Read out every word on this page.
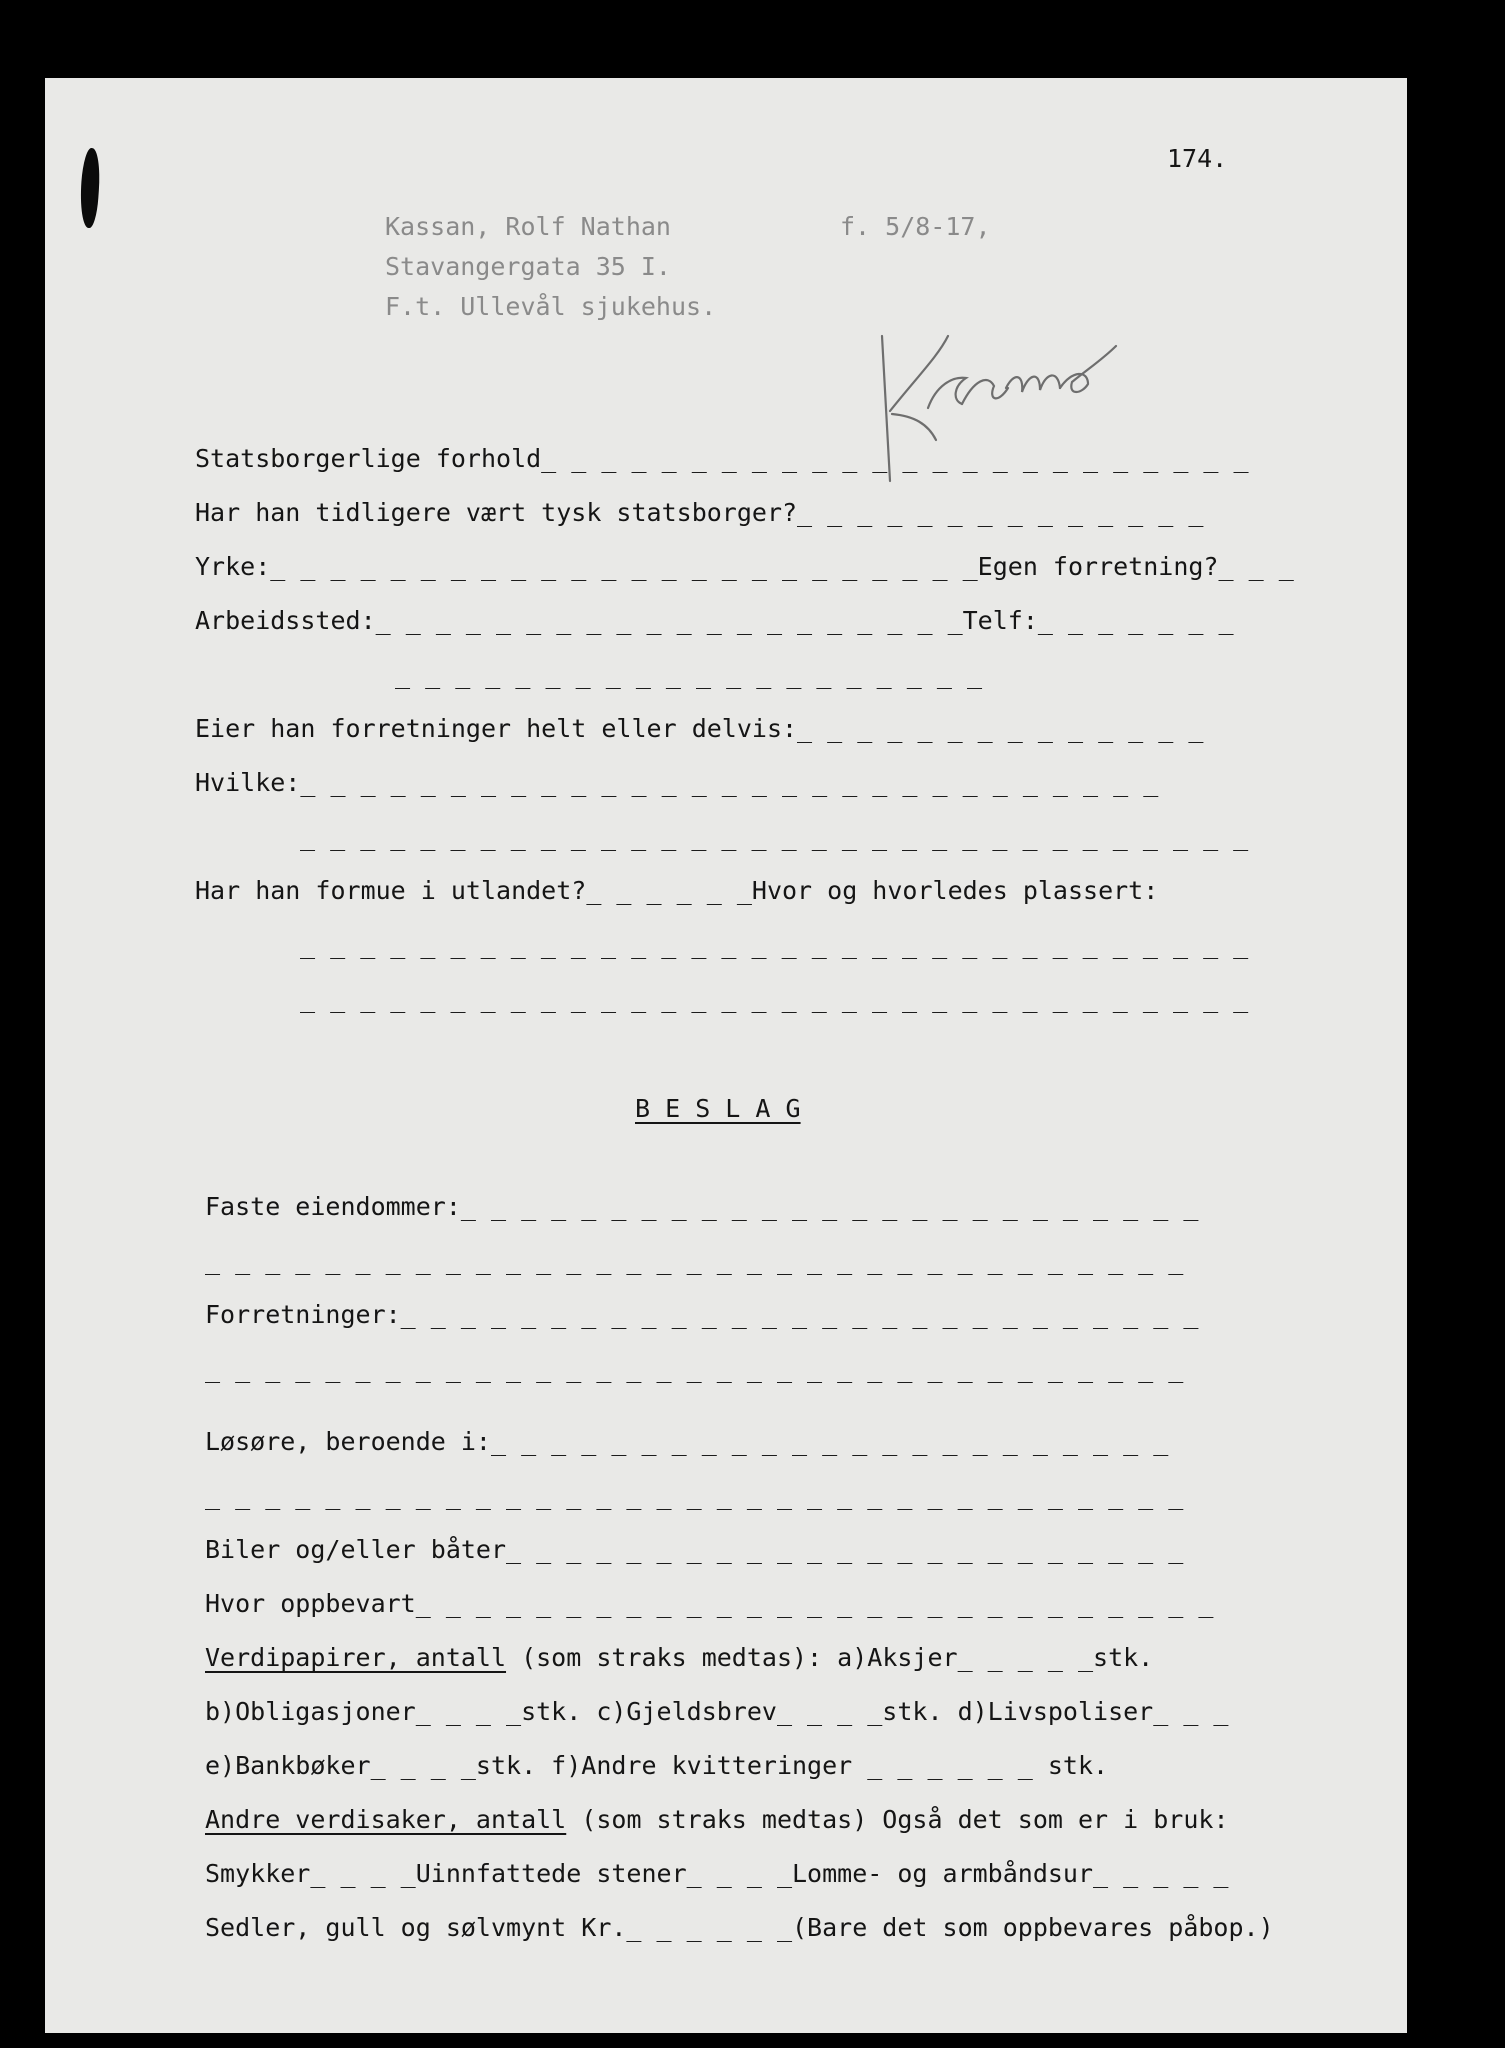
174.
Kassan, Rolf Nathan	f. 5/8-17,
Stavangergata 35 I.
F.t. Ullevål sjukehus.
Statsborgerlige forhold_ _ _ _ _ _ _ _ _ _ _ _ _ _ _ _ _ _ _ _ _ _ _ _
Har han tidligere vært tysk statsborger?_ _ _ _ _ _ _ _ _ _ _ _ _ _
Yrke:_ _ _ _ _ _ _ _ _ _ _ _ _ _ _ _ _ _ _ _ _ _ _ _Egen forretning?_ _ _
Arbeidssted:_ _ _ _ _ _ _ _ _ _ _ _ _ _ _ _ _ _ _ _Telf:_ _ _ _ _ _ _
_ _ _ _ _ _ _ _ _ _ _ _ _ _ _ _ _ _ _ _
Eier han forretninger helt eller delvis:_ _ _ _ _ _ _ _ _ _ _ _ _ _
Hvilke:_ _ _ _ _ _ _ _ _ _ _ _ _ _ _ _ _ _ _ _ _ _ _ _ _ _ _ _ _
_ _ _ _ _ _ _ _ _ _ _ _ _ _ _ _ _ _ _ _ _ _ _ _ _ _ _ _ _ _ _ _
Har han formue i utlandet?_ _ _ _ _ _Hvor og hvorledes plassert:
_ _ _ _ _ _ _ _ _ _ _ _ _ _ _ _ _ _ _ _ _ _ _ _ _ _ _ _ _ _ _ _
_ _ _ _ _ _ _ _ _ _ _ _ _ _ _ _ _ _ _ _ _ _ _ _ _ _ _ _ _ _ _ _
B E S L A G
Faste eiendommer:_ _ _ _ _ _ _ _ _ _ _ _ _ _ _ _ _ _ _ _ _ _ _ _ _
_ _ _ _ _ _ _ _ _ _ _ _ _ _ _ _ _ _ _ _ _ _ _ _ _ _ _ _ _ _ _ _ _
Forretninger:_ _ _ _ _ _ _ _ _ _ _ _ _ _ _ _ _ _ _ _ _ _ _ _ _ _ _
_ _ _ _ _ _ _ _ _ _ _ _ _ _ _ _ _ _ _ _ _ _ _ _ _ _ _ _ _ _ _ _ _
Løsøre, beroende i:_ _ _ _ _ _ _ _ _ _ _ _ _ _ _ _ _ _ _ _ _ _ _
_ _ _ _ _ _ _ _ _ _ _ _ _ _ _ _ _ _ _ _ _ _ _ _ _ _ _ _ _ _ _ _ _
Biler og/eller båter_ _ _ _ _ _ _ _ _ _ _ _ _ _ _ _ _ _ _ _ _ _ _
Hvor oppbevart_ _ _ _ _ _ _ _ _ _ _ _ _ _ _ _ _ _ _ _ _ _ _ _ _ _ _
Verdipapirer, antall (som straks medtas): a)Aksjer_ _ _ _ _stk.
b)Obligasjoner_ _ _ _stk. c)Gjeldsbrev_ _ _ _stk. d)Livspoliser_ _ _
e)Bankbøker_ _ _ _stk. f)Andre kvitteringer _ _ _ _ _ _ stk.
Andre verdisaker, antall (som straks medtas) Også det som er i bruk:
Smykker_ _ _ _Uinnfattede stener_ _ _ _Lomme- og armbåndsur_ _ _ _ _
Sedler, gull og sølvmynt Kr._ _ _ _ _ _(Bare det som oppbevares påbop.)
